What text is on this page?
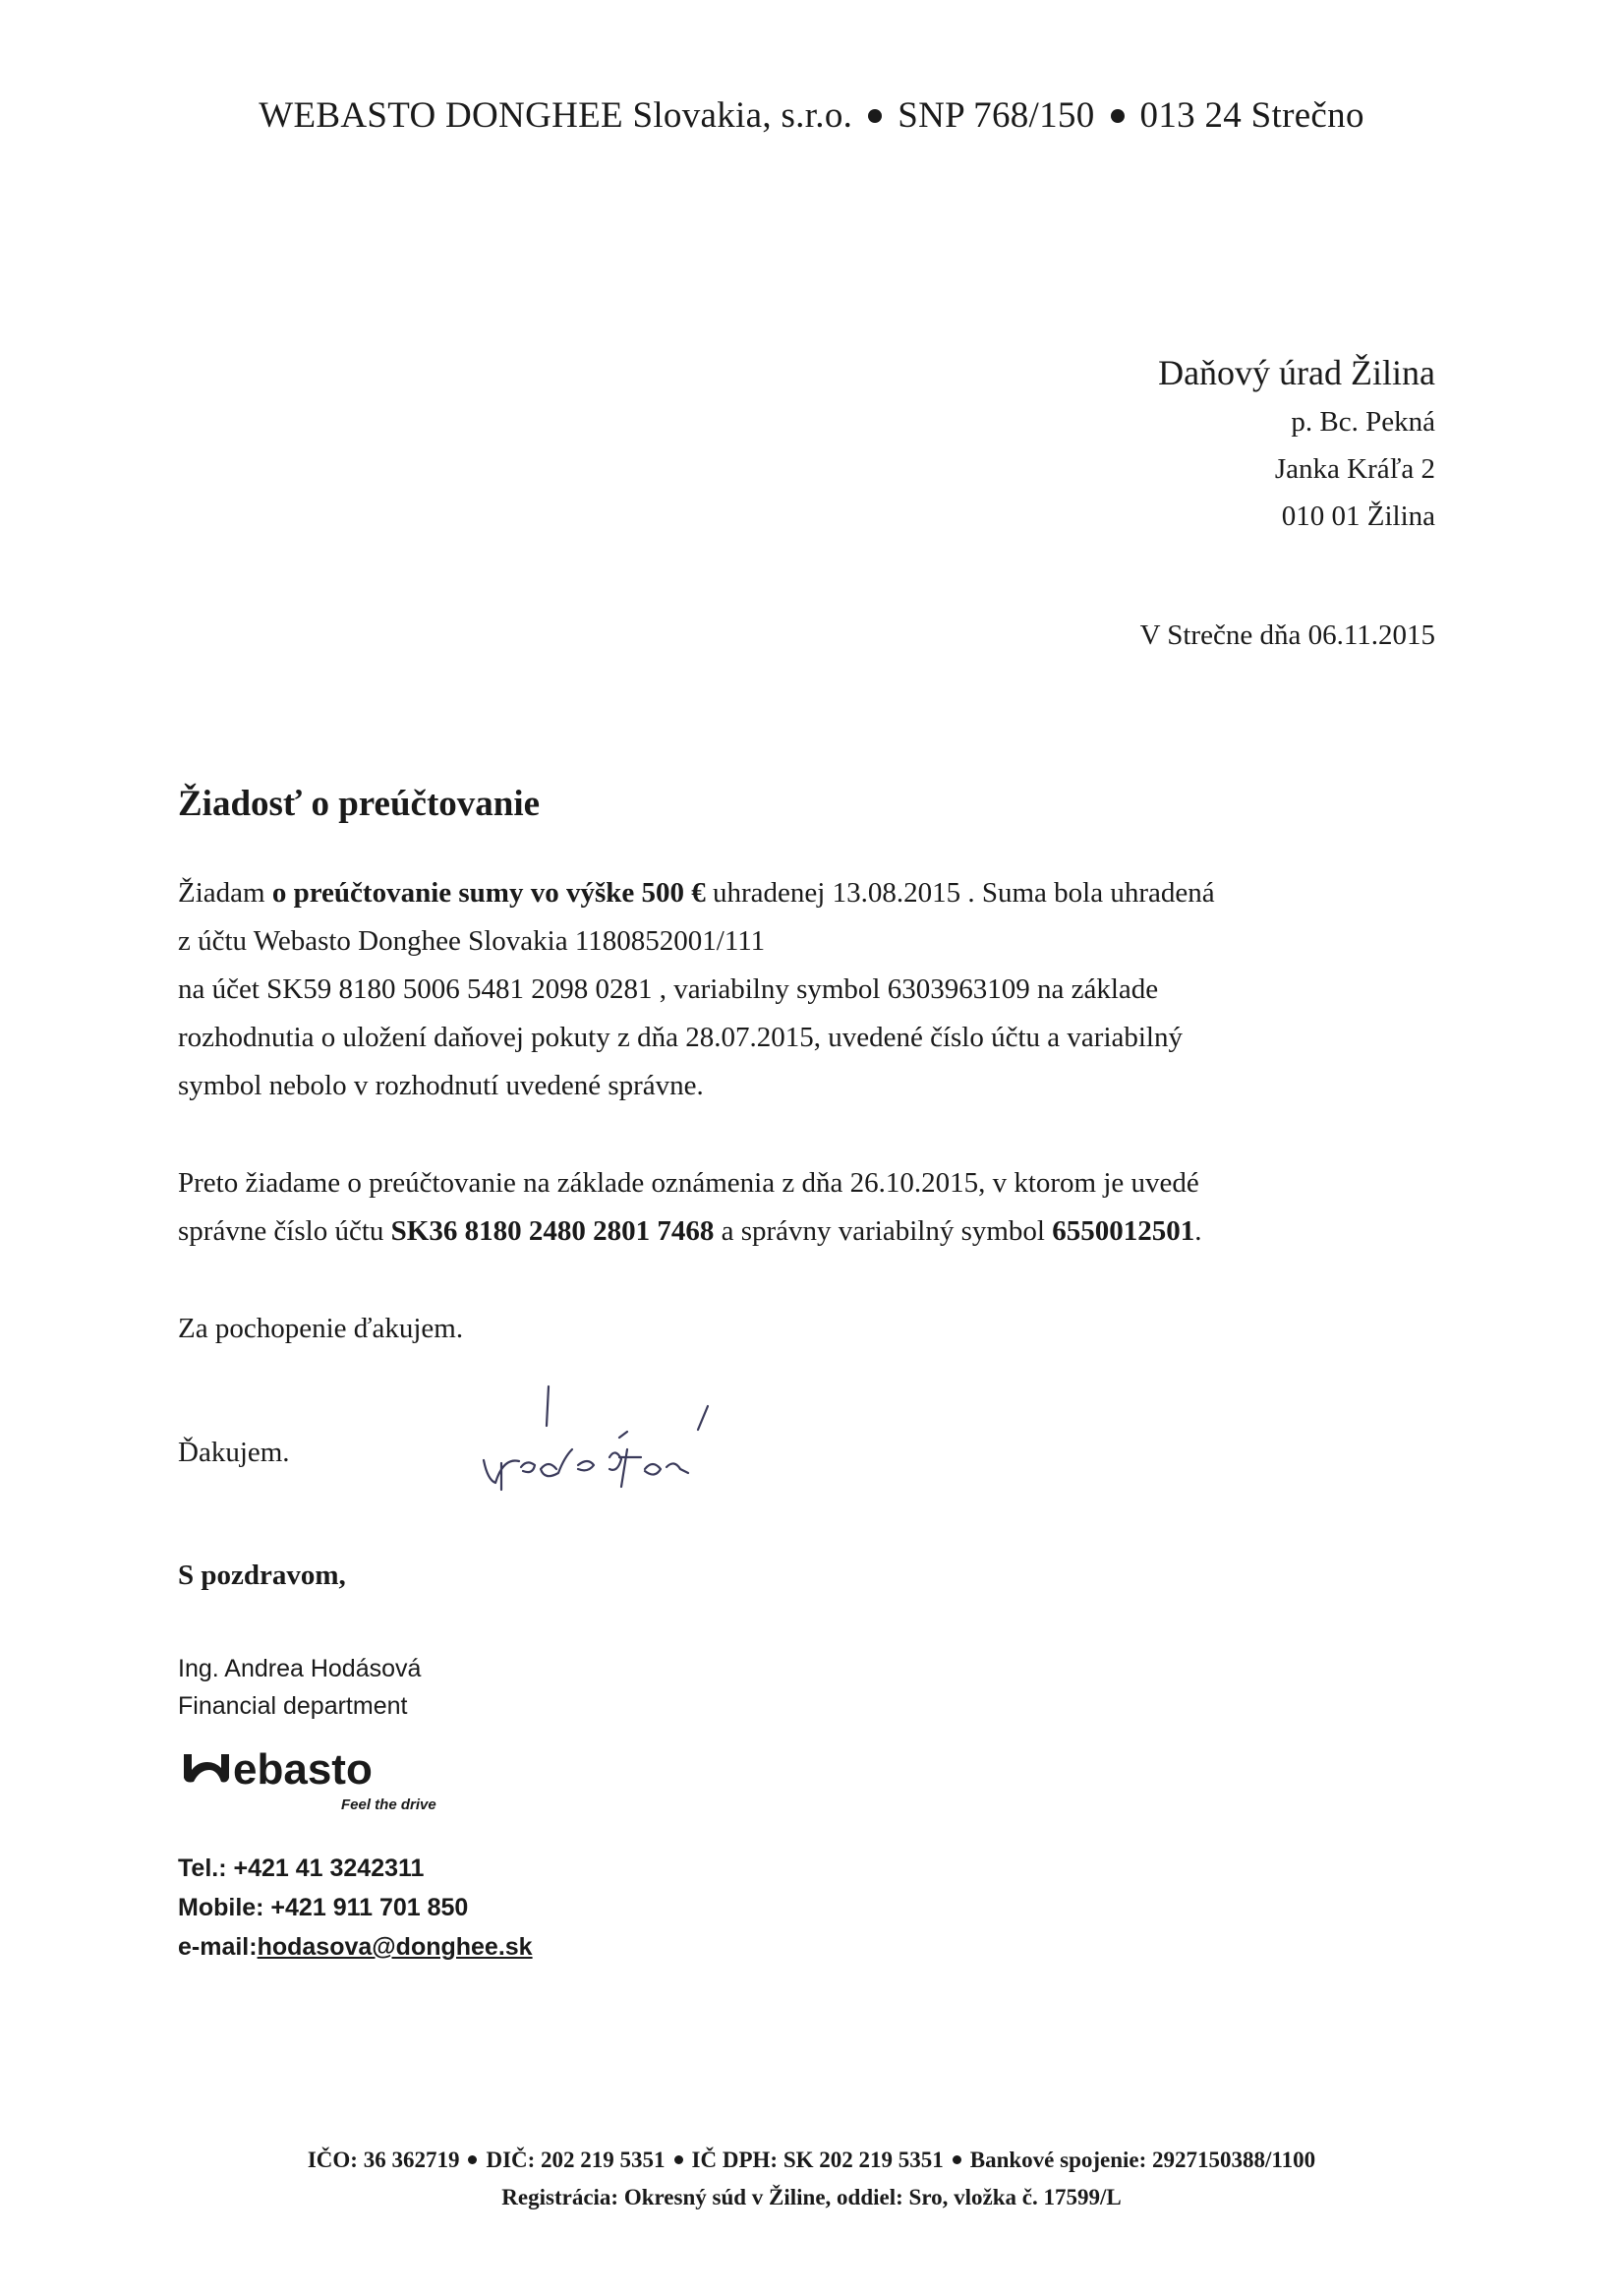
WEBASTO DONGHEE Slovakia, s.r.o. SNP 768/150 013 24 Strečno
Daňový úrad Žilina
p. Bc. Pekná
Janka Kráľa 2
010 01 Žilina
V Strečne dňa 06.11.2015
Žiadosť o preúčtovanie

Žiadam o preúčtovanie sumy vo výške 500 € uhradenej 13.08.2015 . Suma bola uhradená

z účtu Webasto Donghee Slovakia 1180852001/111

na účet SK59 8180 5006 5481 2098 0281 , variabilny symbol 6303963109 na základe

rozhodnutia o uložení daňovej pokuty z dňa 28.07.2015, uvedené číslo účtu a variabilný

symbol nebolo v rozhodnutí uvedené správne.

Preto žiadame o preúčtovanie na základe oznámenia z dňa 26.10.2015, v ktorom je uvedé

správne číslo účtu SK36 8180 2480 2801 7468 a správny variabilný symbol 6550012501.

Za pochopenie ďakujem.
Ďakujem.
S pozdravom,
Ing. Andrea Hodásová
Financial department
ebasto
Feel the drive
Tel.: +421 41 3242311
Mobile: +421 911 701 850
e-mail:hodasova@donghee.sk
IČO: 36 362719 DIČ: 202 219 5351 IČ DPH: SK 202 219 5351 Bankové spojenie: 2927150388/1100
Registrácia: Okresný súd v Žiline, oddiel: Sro, vložka č. 17599/L
